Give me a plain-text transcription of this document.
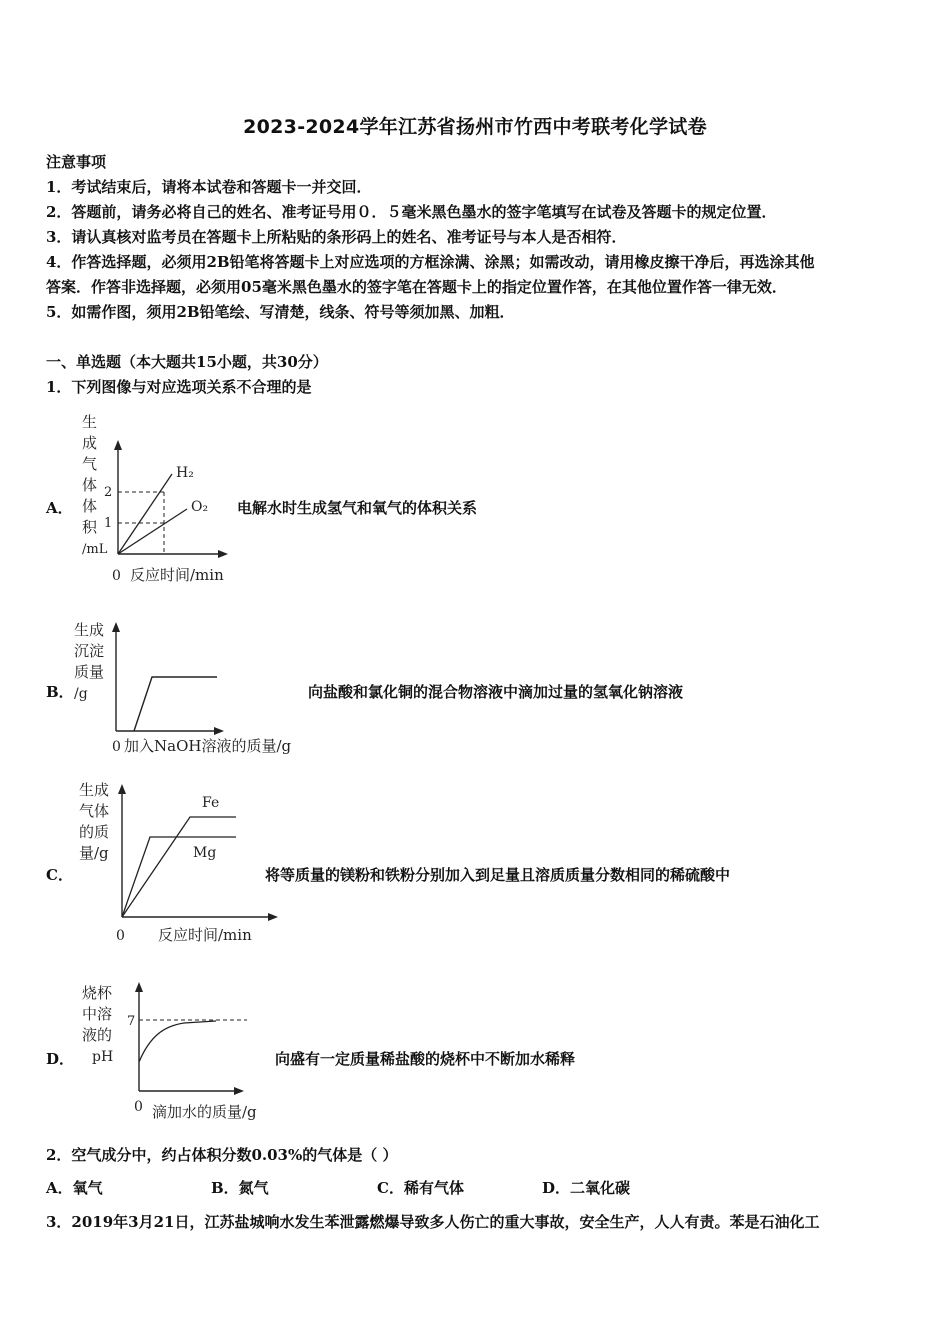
2023-2024学年江苏省扬州市竹西中考联考化学试卷
注意事项
1．考试结束后，请将本试卷和答题卡一并交回．
2．答题前，请务必将自己的姓名、准考证号用０．５毫米黑色墨水的签字笔填写在试卷及答题卡的规定位置．
3．请认真核对监考员在答题卡上所粘贴的条形码上的姓名、准考证号与本人是否相符．
4．作答选择题，必须用2B铅笔将答题卡上对应选项的方框涂满、涂黑；如需改动，请用橡皮擦干净后，再选涂其他
答案．作答非选择题，必须用05毫米黑色墨水的签字笔在答题卡上的指定位置作答，在其他位置作答一律无效．
5．如需作图，须用2B铅笔绘、写清楚，线条、符号等须加黑、加粗．
一、单选题（本大题共15小题，共30分）
1．下列图像与对应选项关系不合理的是
A．
生
成
气
体
体
积
/mL
2
1
H₂
O₂
0 反应时间/min
电解水时生成氢气和氧气的体积关系
B．
生成
沉淀
质量
/g
0 加入NaOH溶液的质量/g
向盐酸和氯化铜的混合物溶液中滴加过量的氢氧化钠溶液
C．
生成
气体
的质
量/g
Fe
Mg
0 反应时间/min
将等质量的镁粉和铁粉分别加入到足量且溶质质量分数相同的稀硫酸中
D．
烧杯
中溶
液的
pH
7
0 滴加水的质量/g
向盛有一定质量稀盐酸的烧杯中不断加水稀释
2．空气成分中，约占体积分数0.03%的气体是（ ）
A．氧气	B．氮气	C．稀有气体	D．二氧化碳
3．2019年3月21日，江苏盐城响水发生苯泄露燃爆导致多人伤亡的重大事故，安全生产，人人有责。苯是石油化工
